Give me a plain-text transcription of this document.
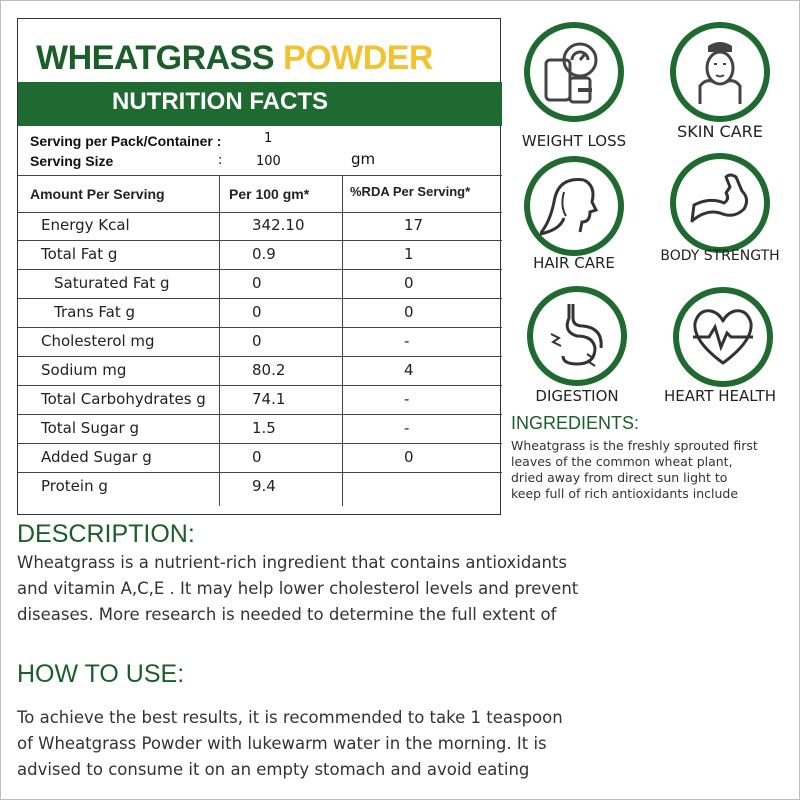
WHEATGRASS POWDER
NUTRITION FACTS
Serving per Pack/Container :	1
Serving Size	:	100	gm
Amount Per Serving	Per 100 gm*	%RDA Per Serving*
Energy Kcal	342.10	17
Total Fat g	0.9	1
Saturated Fat g	0	0
Trans Fat g	0	0
Cholesterol mg	0	-
Sodium mg	80.2	4
Total Carbohydrates g	74.1	-
Total Sugar g	1.5	-
Added Sugar g	0	0
Protein g	9.4
WEIGHT LOSS	SKIN CARE
HAIR CARE	BODY STRENGTH
DIGESTION	HEART HEALTH
INGREDIENTS:
Wheatgrass is the freshly sprouted first
leaves of the common wheat plant,
dried away from direct sun light to
keep full of rich antioxidants include
DESCRIPTION:
Wheatgrass is a nutrient-rich ingredient that contains antioxidants
and vitamin A,C,E . It may help lower cholesterol levels and prevent
diseases. More research is needed to determine the full extent of
HOW TO USE:
To achieve the best results, it is recommended to take 1 teaspoon
of Wheatgrass Powder with lukewarm water in the morning. It is
advised to consume it on an empty stomach and avoid eating
